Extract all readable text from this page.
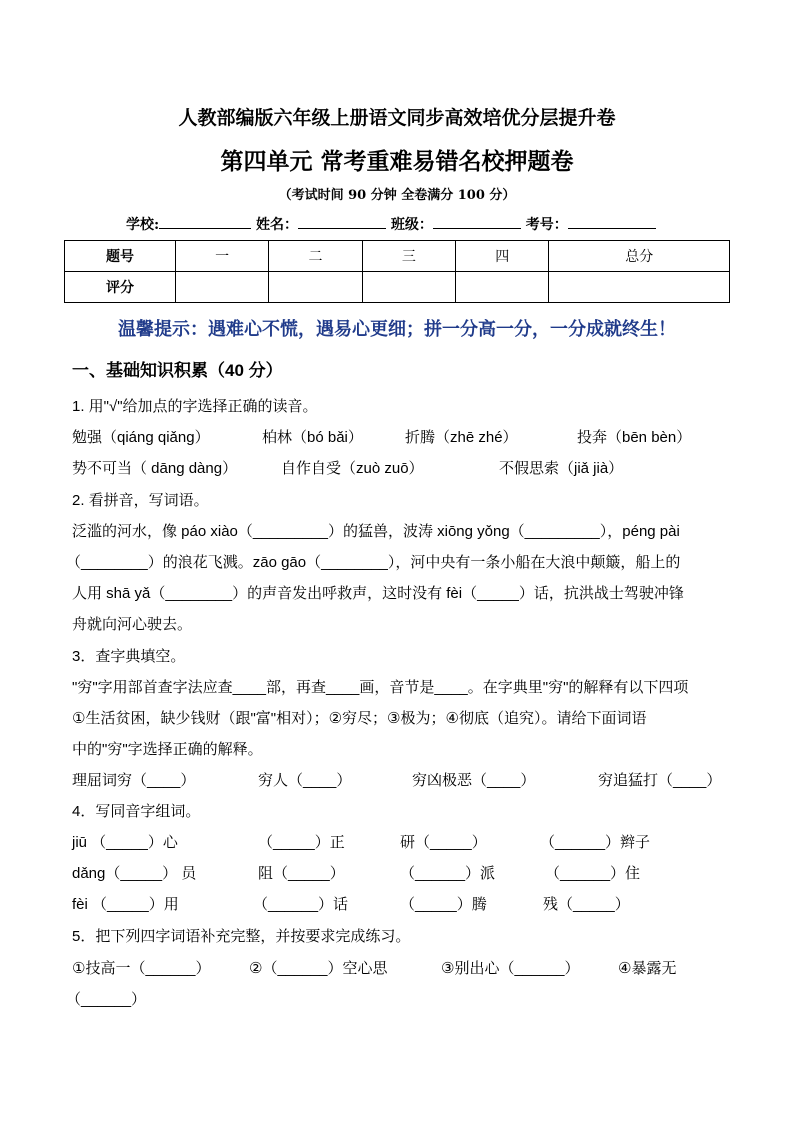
人教部编版六年级上册语文同步高效培优分层提升卷
第四单元 常考重难易错名校押题卷
（考试时间 90 分钟 全卷满分 100 分）
学校:	姓名：	班级：	考号：
题号	一	二	三	四	总分
评分					
温馨提示：遇难心不慌，遇易心更细；拼一分高一分，一分成就终生！
一、基础知识积累（40 分）
1. 用"√"给加点的字选择正确的读音。
勉强（qiáng qiǎng）	柏林（bó bǎi）	折腾（zhē zhé）	投奔（bēn bèn）
势不可当（ dāng dàng）	自作自受（zuò zuō）	不假思索（jiǎ jià）
2. 看拼音，写词语。
泛滥的河水，像 páo xiào（_________）的猛兽，波涛 xiōng yǒng（_________），péng pài
（________）的浪花飞溅。zāo gāo（________），河中央有一条小船在大浪中颠簸，船上的
人用 shā yǎ（________）的声音发出呼救声，这时没有 fèi（_____）话，抗洪战士驾驶冲锋
舟就向河心驶去。
3．查字典填空。
"穷"字用部首查字法应查____部，再查____画，音节是____。在字典里"穷"的解释有以下四项
①生活贫困，缺少钱财（跟"富"相对）；②穷尽；③极为；④彻底（追究）。请给下面词语
中的"穷"字选择正确的解释。
理屈词穷（____）	穷人（____）	穷凶极恶（____）	穷追猛打（____）
4．写同音字组词。
jiū （_____）心	（_____）正	研（_____）	（______）辫子
dǎng（_____） 员	阻（_____）	（______）派	（______）住
fèi （_____）用	（______）话	（_____）腾	残（_____）
5．把下列四字词语补充完整，并按要求完成练习。
①技高一（______）	②（______）空心思	③别出心（______）	④暴露无
（______）
